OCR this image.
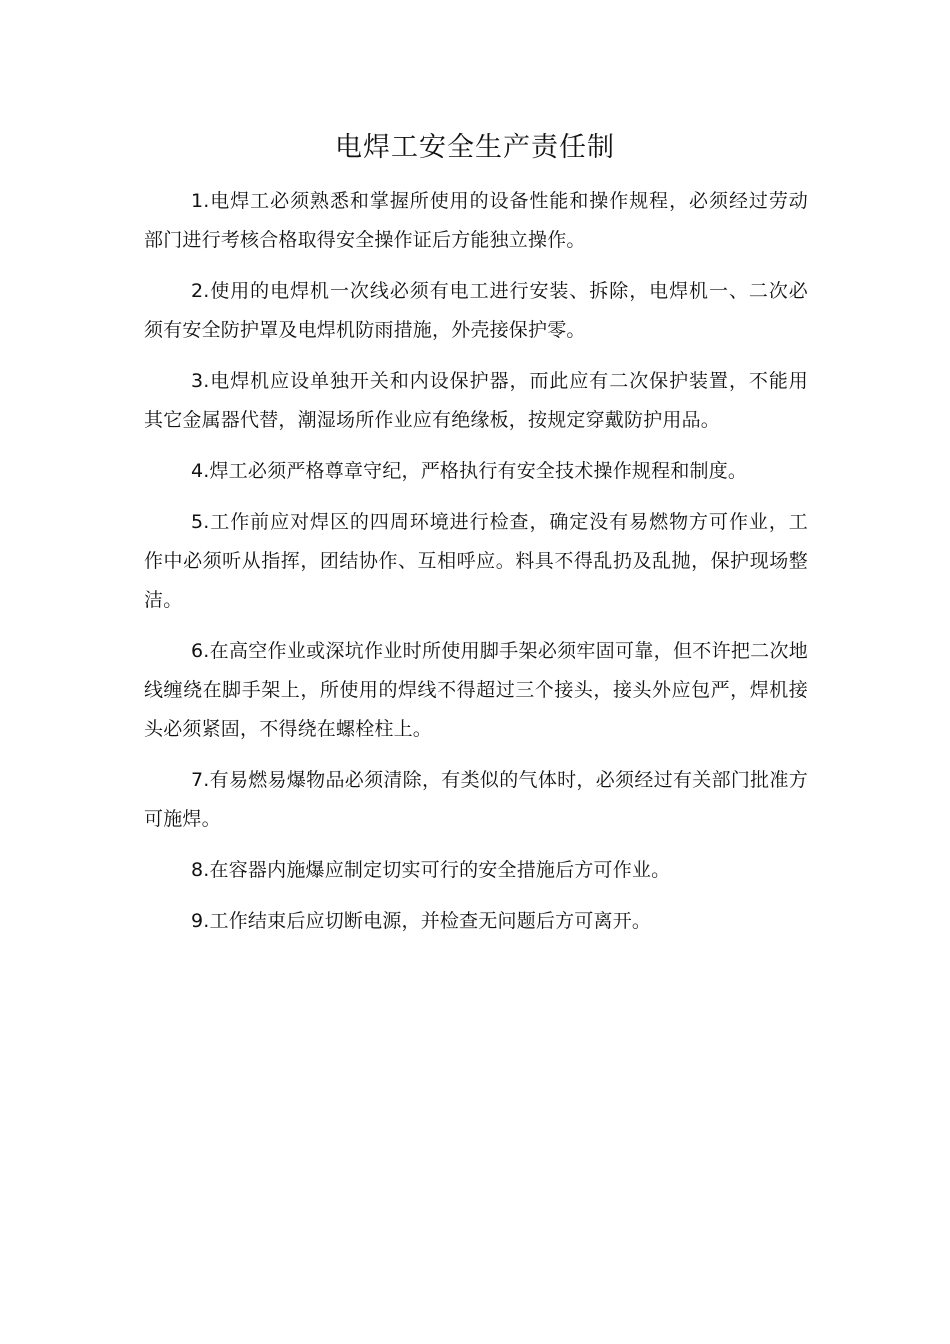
电焊工安全生产责任制

1.电焊工必须熟悉和掌握所使用的设备性能和操作规程，必须经过劳动 部门进行考核合格取得安全操作证后方能独立操作。

2.使用的电焊机一次线必须有电工进行安装、拆除，电焊机一、二次必 须有安全防护罩及电焊机防雨措施，外壳接保护零。

3.电焊机应设单独开关和内设保护器，而此应有二次保护装置，不能用 其它金属器代替，潮湿场所作业应有绝缘板，按规定穿戴防护用品。

4.焊工必须严格尊章守纪，严格执行有安全技术操作规程和制度。

5.工作前应对焊区的四周环境进行检查，确定没有易燃物方可作业，工 作中必须听从指挥，团结协作、互相呼应。料具不得乱扔及乱抛，保护现场整洁。

6.在高空作业或深坑作业时所使用脚手架必须牢固可靠，但不许把二次地线缠绕在脚手架上，所使用的焊线不得超过三个接头，接头外应包严，焊机接 头必须紧固，不得绕在螺栓柱上。

7.有易燃易爆物品必须清除，有类似的气体时，必须经过有关部门批准方可施焊。

8.在容器内施爆应制定切实可行的安全措施后方可作业。

9.工作结束后应切断电源，并检查无问题后方可离开。
